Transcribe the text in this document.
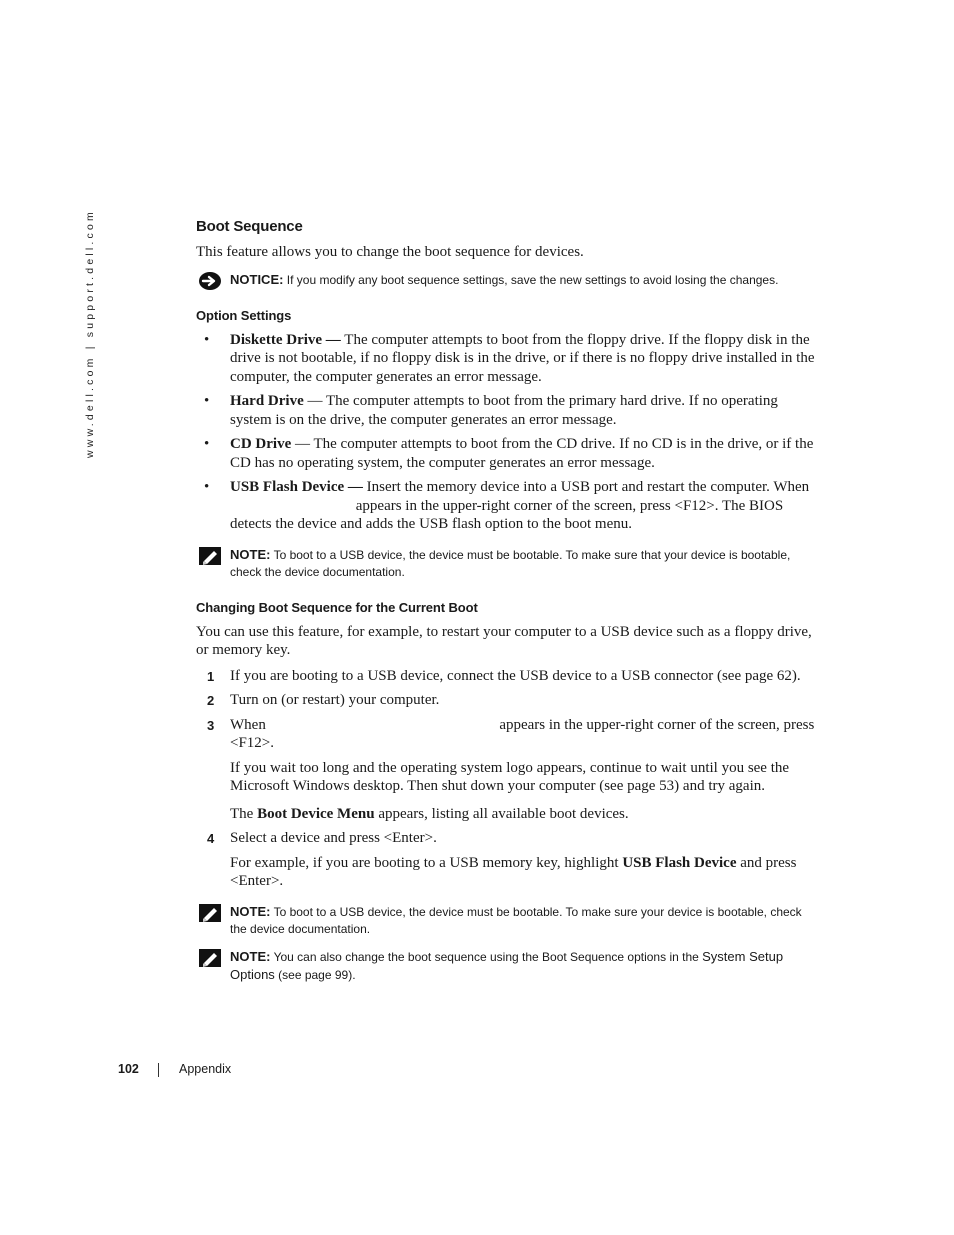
www.dell.com | support.dell.com	Boot Sequence

This feature allows you to change the boot sequence for devices.

NOTICE: If you modify any boot sequence settings, save the new settings to avoid losing the changes.
Option Settings
• Diskette Drive — The computer attempts to boot from the floppy drive. If the floppy disk in the drive is not bootable, if no floppy disk is in the drive, or if there is no floppy drive installed in the computer, the computer generates an error message.
• Hard Drive — The computer attempts to boot from the primary hard drive. If no operating system is on the drive, the computer generates an error message.
• CD Drive — The computer attempts to boot from the CD drive. If no CD is in the drive, or if the CD has no operating system, the computer generates an error message.
• USB Flash Device — Insert the memory device into a USB port and restart the computer. When  appears in the upper-right corner of the screen, press <F12>. The BIOS detects the device and adds the USB flash option to the boot menu.
NOTE: To boot to a USB device, the device must be bootable. To make sure that your device is bootable, check the device documentation.
Changing Boot Sequence for the Current Boot

You can use this feature, for example, to restart your computer to a USB device such as a floppy drive, or memory key.

1 If you are booting to a USB device, connect the USB device to a USB connector (see page 62).
2 Turn on (or restart) your computer.
3 When	appears in the upper-right corner of the screen, press <F12>.
If you wait too long and the operating system logo appears, continue to wait until you see the Microsoft Windows desktop. Then shut down your computer (see page 53) and try again.
The Boot Device Menu appears, listing all available boot devices.
4 Select a device and press <Enter>.
For example, if you are booting to a USB memory key, highlight USB Flash Device and press <Enter>.
NOTE: To boot to a USB device, the device must be bootable. To make sure your device is bootable, check the device documentation.
NOTE: You can also change the boot sequence using the Boot Sequence options in the System Setup Options (see page 99).
102	Appendix
